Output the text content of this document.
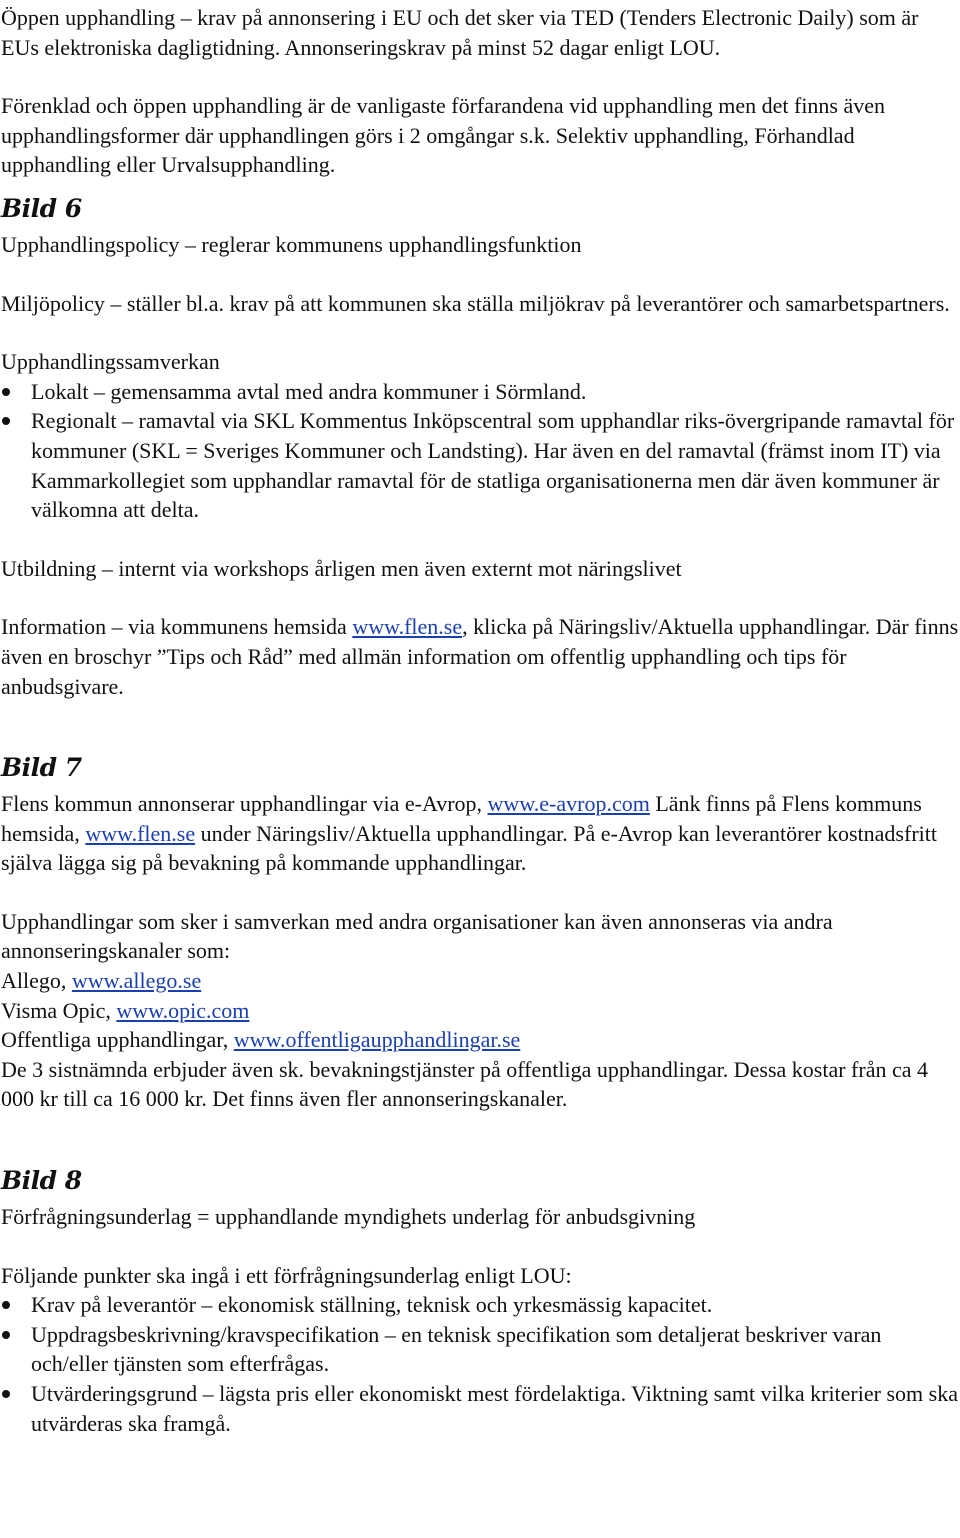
Öppen upphandling – krav på annonsering i EU och det sker via TED (Tenders Electronic Daily) som är EUs elektroniska dagligtidning. Annonseringskrav på minst 52 dagar enligt LOU.

Förenklad och öppen upphandling är de vanligaste förfarandena vid upphandling men det finns även upphandlingsformer där upphandlingen görs i 2 omgångar s.k. Selektiv upphandling, Förhandlad upphandling eller Urvalsupphandling.

Bild 6

Upphandlingspolicy – reglerar kommunens upphandlingsfunktion

Miljöpolicy – ställer bl.a. krav på att kommunen ska ställa miljökrav på leverantörer och samarbetspartners.

Upphandlingssamverkan

Lokalt – gemensamma avtal med andra kommuner i Sörmland.
Regionalt – ramavtal via SKL Kommentus Inköpscentral som upphandlar riks-övergripande ramavtal för kommuner (SKL = Sveriges Kommuner och Landsting). Har även en del ramavtal (främst inom IT) via Kammarkollegiet som upphandlar ramavtal för de statliga organisationerna men där även kommuner är välkomna att delta.

Utbildning – internt via workshops årligen men även externt mot näringslivet

Information – via kommunens hemsida www.flen.se, klicka på Näringsliv/Aktuella upphandlingar. Där finns även en broschyr ”Tips och Råd” med allmän information om offentlig upphandling och tips för anbudsgivare.

Bild 7

Flens kommun annonserar upphandlingar via e-Avrop, www.e-avrop.com Länk finns på Flens kommuns hemsida, www.flen.se under Näringsliv/Aktuella upphandlingar. På e-Avrop kan leverantörer kostnadsfritt själva lägga sig på bevakning på kommande upphandlingar.

Upphandlingar som sker i samverkan med andra organisationer kan även annonseras via andra annonseringskanaler som:

Allego, www.allego.se

Visma Opic, www.opic.com

Offentliga upphandlingar, www.offentligaupphandlingar.se

De 3 sistnämnda erbjuder även sk. bevakningstjänster på offentliga upphandlingar. Dessa kostar från ca 4 000 kr till ca 16 000 kr. Det finns även fler annonseringskanaler.

Bild 8

Förfrågningsunderlag = upphandlande myndighets underlag för anbudsgivning

Följande punkter ska ingå i ett förfrågningsunderlag enligt LOU:

Krav på leverantör – ekonomisk ställning, teknisk och yrkesmässig kapacitet.
Uppdragsbeskrivning/kravspecifikation – en teknisk specifikation som detaljerat beskriver varan och/eller tjänsten som efterfrågas.
Utvärderingsgrund – lägsta pris eller ekonomiskt mest fördelaktiga. Viktning samt vilka kriterier som ska utvärderas ska framgå.
